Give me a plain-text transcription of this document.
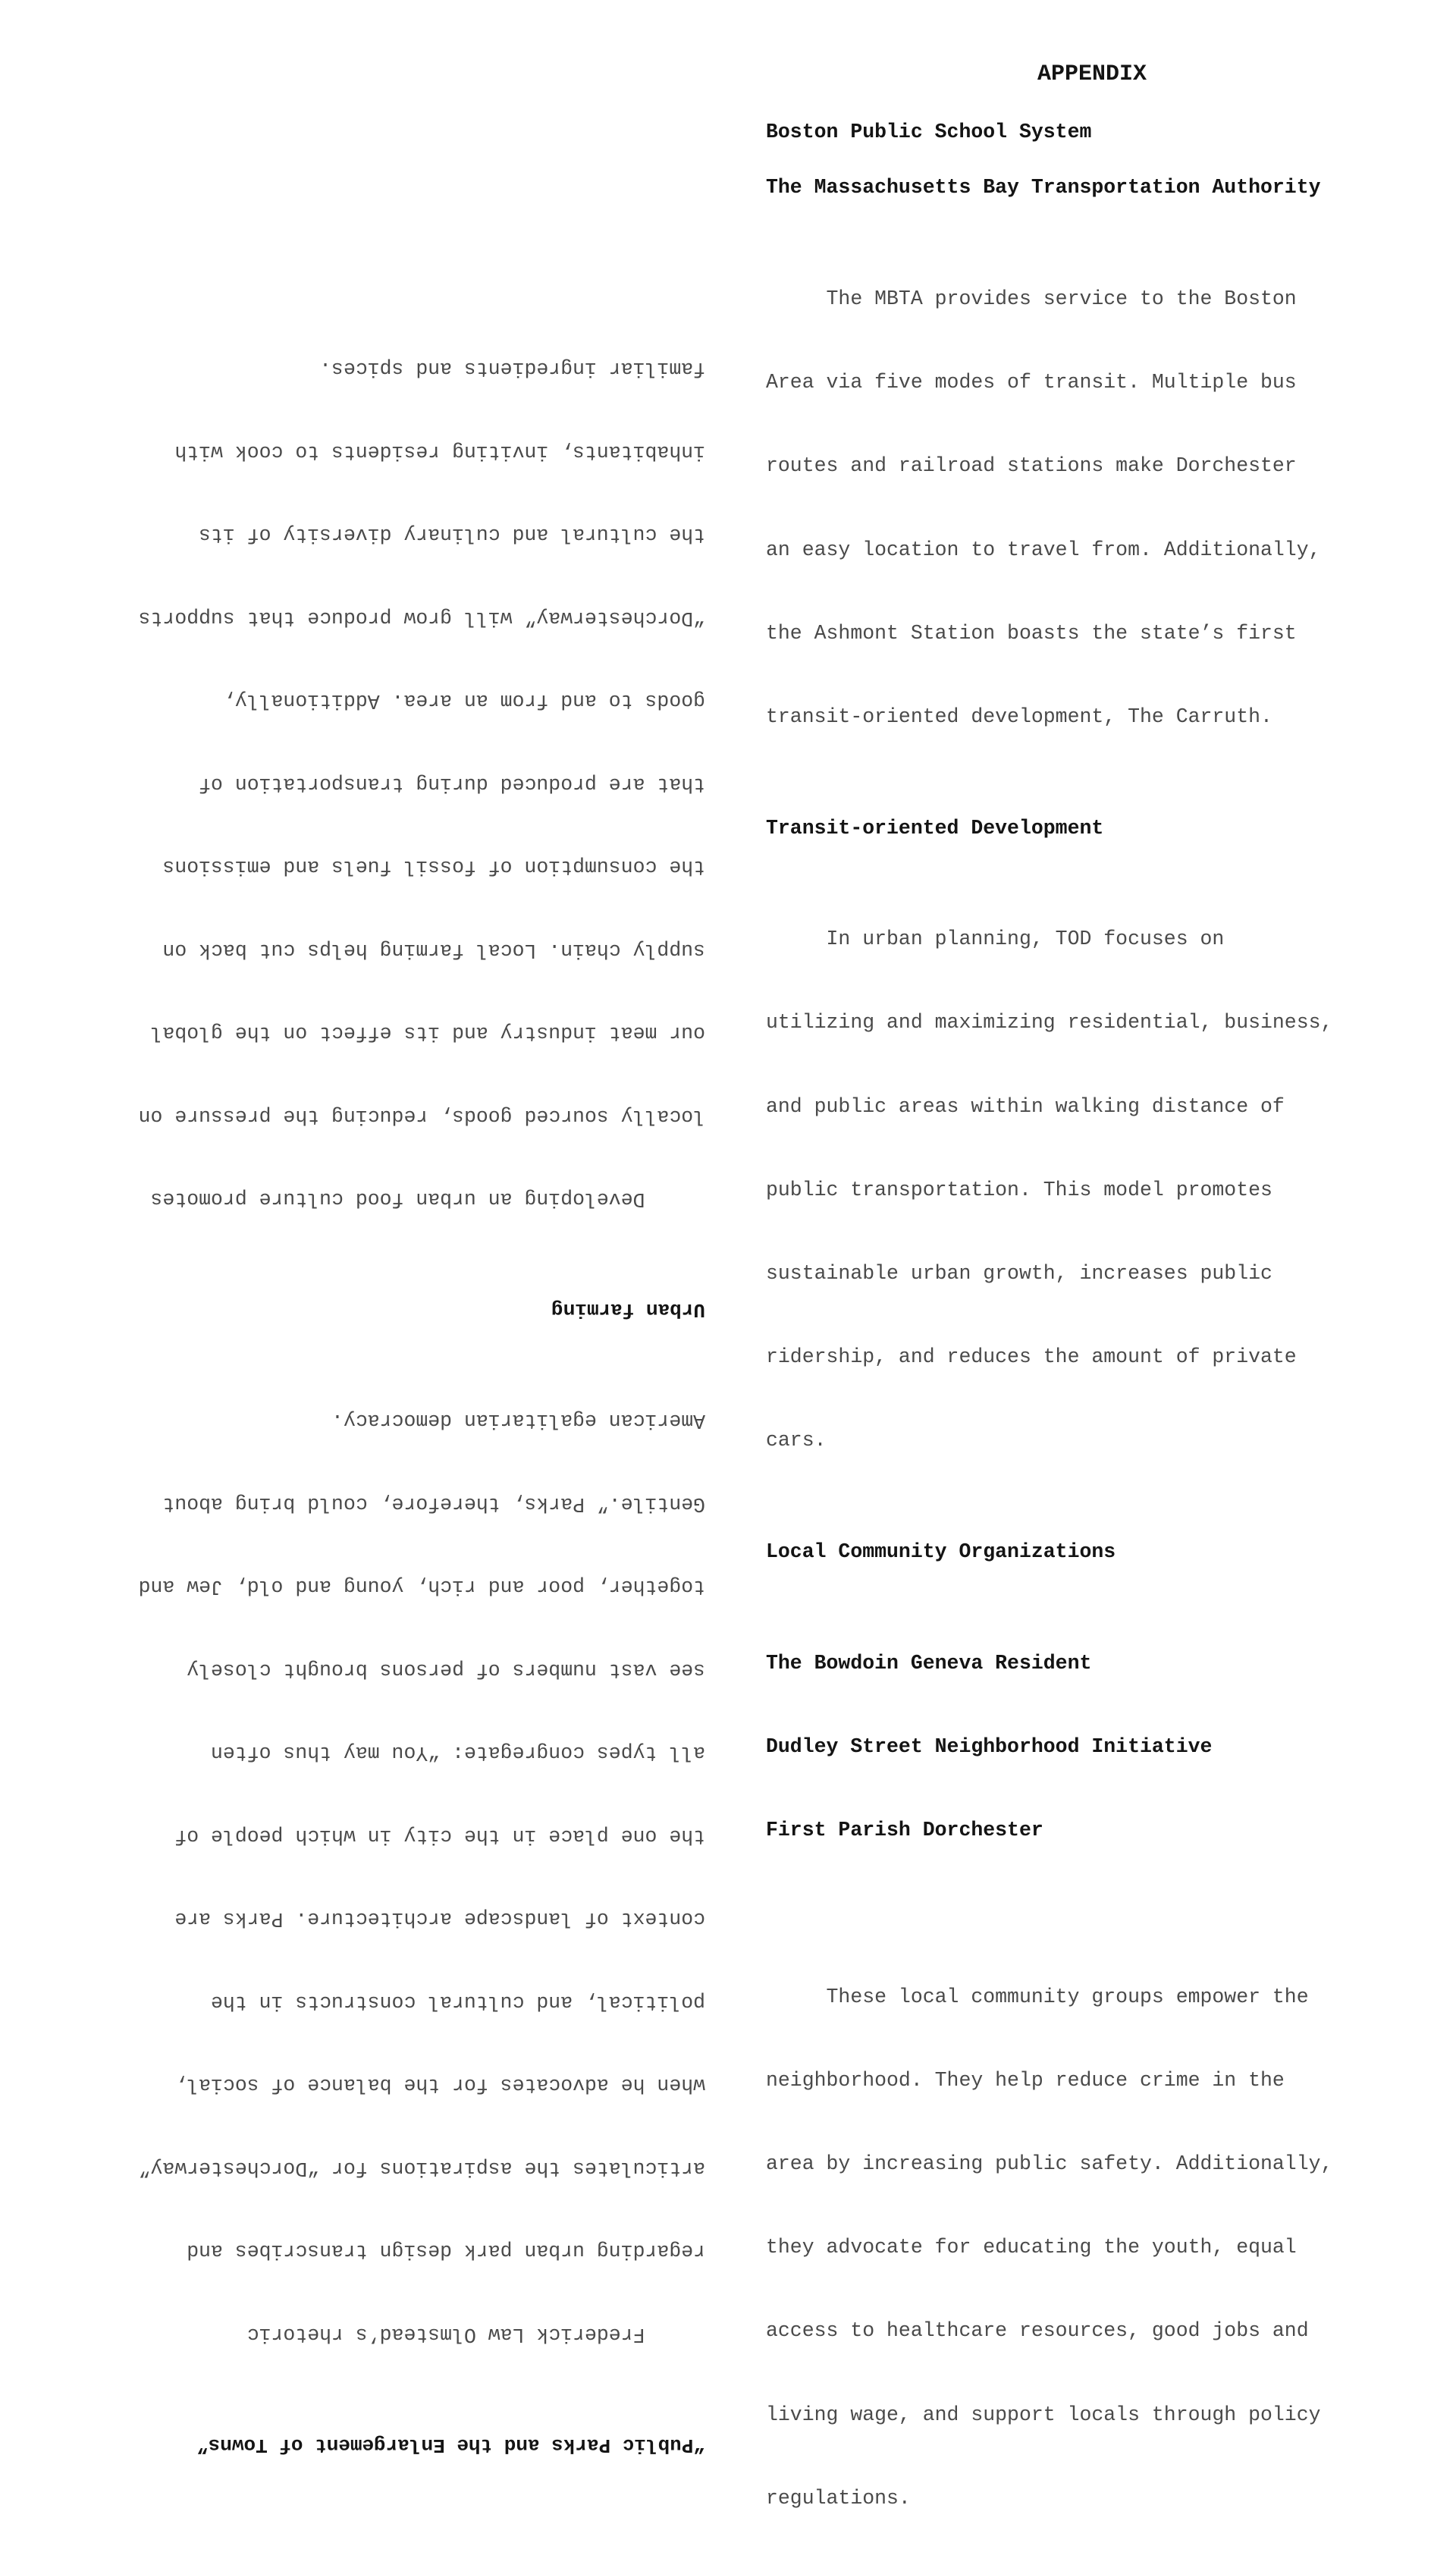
“Public Parks and the Enlargement of Towns”

Frederick Law Olmstead’s rhetoric

regarding urban park design transcribes and

articulates the aspirations for “Dorchesterway”

when he advocates for the balance of social,

political, and cultural constructs in the

context of landscape architecture. Parks are

the one place in the city in which people of

all types congregate: “You may thus often

see vast numbers of persons brought closely

together, poor and rich, young and old, Jew and

Gentile.” Parks, therefore, could bring about

American egalitarian democracy.

Urban farming

Developing an urban food culture promotes

locally sourced goods, reducing the pressure on

our meat industry and its effect on the global

supply chain. Local farming helps cut back on

the consumption of fossil fuels and emissions

that are produced during transportation of

goods to and from an area. Additionally,

“Dorchesterway” will grow produce that supports

the cultural and culinary diversity of its

inhabitants, inviting residents to cook with

familiar ingredients and spices.

APPENDIX

Boston Public School System

The Massachusetts Bay Transportation Authority

The MBTA provides service to the Boston

Area via five modes of transit. Multiple bus

routes and railroad stations make Dorchester

an easy location to travel from. Additionally,

the Ashmont Station boasts the state’s first

transit-oriented development, The Carruth.

Transit-oriented Development

In urban planning, TOD focuses on

utilizing and maximizing residential, business,

and public areas within walking distance of

public transportation. This model promotes

sustainable urban growth, increases public

ridership, and reduces the amount of private

cars.

Local Community Organizations

The Bowdoin Geneva Resident

Dudley Street Neighborhood Initiative

First Parish Dorchester

These local community groups empower the

neighborhood. They help reduce crime in the

area by increasing public safety. Additionally,

they advocate for educating the youth, equal

access to healthcare resources, good jobs and

living wage, and support locals through policy

regulations.
